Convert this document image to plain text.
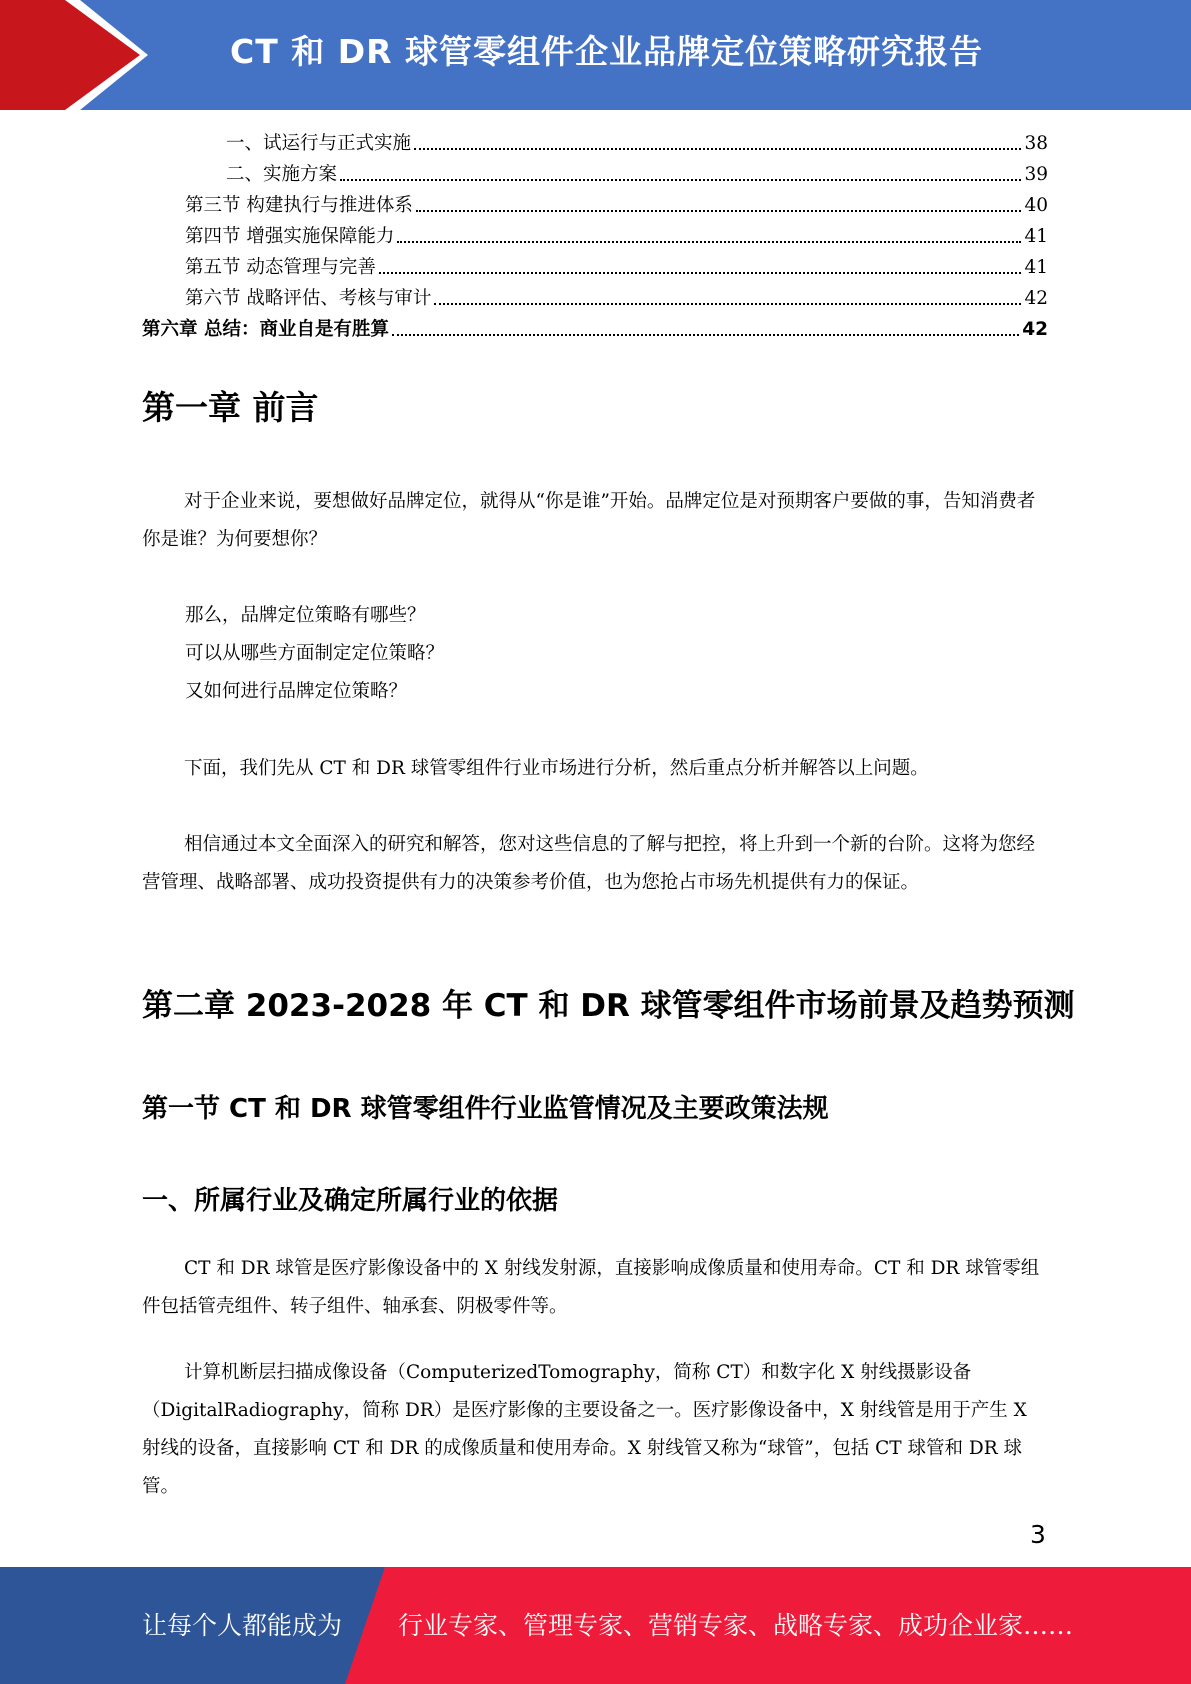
CT 和 DR 球管零组件企业品牌定位策略研究报告
一、试运行与正式实施	38
二、实施方案	39
第三节 构建执行与推进体系	40
第四节 增强实施保障能力	41
第五节 动态管理与完善	41
第六节 战略评估、考核与审计	42
第六章 总结：商业自是有胜算	42
第一章 前言

对于企业来说，要想做好品牌定位，就得从“你是谁”开始。品牌定位是对预期客户要做的事，告知消费者你是谁？为何要想你？

那么，品牌定位策略有哪些？

可以从哪些方面制定定位策略？

又如何进行品牌定位策略？

下面，我们先从 CT 和 DR 球管零组件行业市场进行分析，然后重点分析并解答以上问题。

相信通过本文全面深入的研究和解答，您对这些信息的了解与把控，将上升到一个新的台阶。这将为您经营管理、战略部署、成功投资提供有力的决策参考价值，也为您抢占市场先机提供有力的保证。

第二章 2023-2028 年 CT 和 DR 球管零组件市场前景及趋势预测
第一节 CT 和 DR 球管零组件行业监管情况及主要政策法规
一、所属行业及确定所属行业的依据

CT 和 DR 球管是医疗影像设备中的 X 射线发射源，直接影响成像质量和使用寿命。CT 和 DR 球管零组件包括管壳组件、转子组件、轴承套、阴极零件等。

计算机断层扫描成像设备（ComputerizedTomography，简称 CT）和数字化 X 射线摄影设备（DigitalRadiography，简称 DR）是医疗影像的主要设备之一。医疗影像设备中，X 射线管是用于产生 X 射线的设备，直接影响 CT 和 DR 的成像质量和使用寿命。X 射线管又称为“球管”，包括 CT 球管和 DR 球管。

3
让每个人都能成为 行业专家、管理专家、营销专家、战略专家、成功企业家……
